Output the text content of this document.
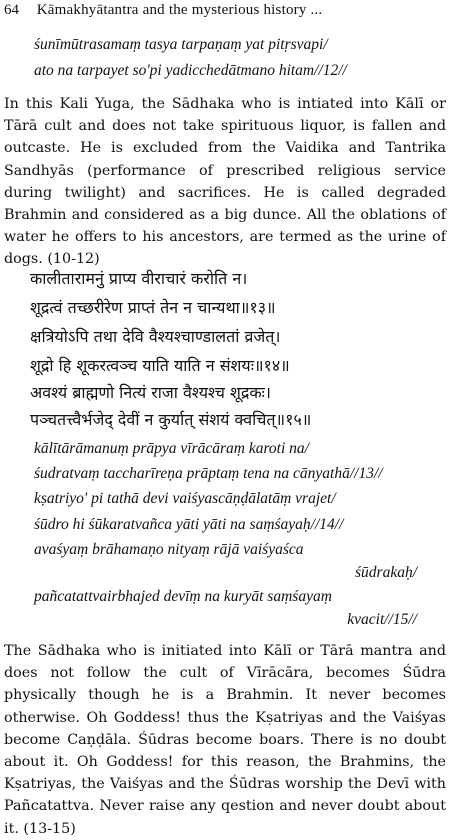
64 Kāmakhyātantra and the mysterious history ...
śunīmūtrasamaṃ tasya tarpaṇaṃ yat pitṛsvapi/
ato na tarpayet so'pi yadicchedātmano hitam//12//
In this Kali Yuga, the Sādhaka who is intiated into Kālī or Tārā cult and does not take spirituous liquor, is fallen and outcaste. He is excluded from the Vaidika and Tantrika Sandhyās (performance of prescribed religious service during twilight) and sacrifices. He is called degraded Brahmin and considered as a big dunce. All the oblations of water he offers to his ancestors, are termed as the urine of dogs. (10-12)
कालीतारामनुं प्राप्य वीराचारं करोति न।
शूद्रत्वं तच्छरीरेण प्राप्तं तेन न चान्यथा॥१३॥
क्षत्रियोऽपि तथा देवि वैश्यश्चाण्डालतां व्रजेत्।
शूद्रो हि शूकरत्वञ्च याति याति न संशयः॥१४॥
अवश्यं ब्राह्मणो नित्यं राजा वैश्यश्च शूद्रकः।
पञ्चतत्त्वैर्भजेद् देवीं न कुर्यात् संशयं क्वचित्॥१५॥
kālītārāmanuṃ prāpya vīrācāraṃ karoti na/
śudratvaṃ taccharīreṇa prāptaṃ tena na cānyathā//13//
kṣatriyo' pi tathā devi vaiśyascāṇḍālatāṃ vrajet/
śūdro hi śūkaratvañca yāti yāti na saṃśayaḥ//14//
avaśyaṃ brāhamaṇo nityaṃ rājā vaiśyaśca
śūdrakaḥ/
pañcatattvairbhajed devīṃ na kuryāt saṃśayaṃ
kvacit//15//
The Sādhaka who is initiated into Kālī or Tārā mantra and does not follow the cult of Vīrācāra, becomes Śūdra physically though he is a Brahmin. It never becomes otherwise. Oh Goddess! thus the Kṣatriyas and the Vaiśyas become Caṇḍāla. Śūdras become boars. There is no doubt about it. Oh Goddess! for this reason, the Brahmins, the Kṣatriyas, the Vaiśyas and the Śūdras worship the Devī with Pañcatattva. Never raise any qestion and never doubt about it. (13-15)
